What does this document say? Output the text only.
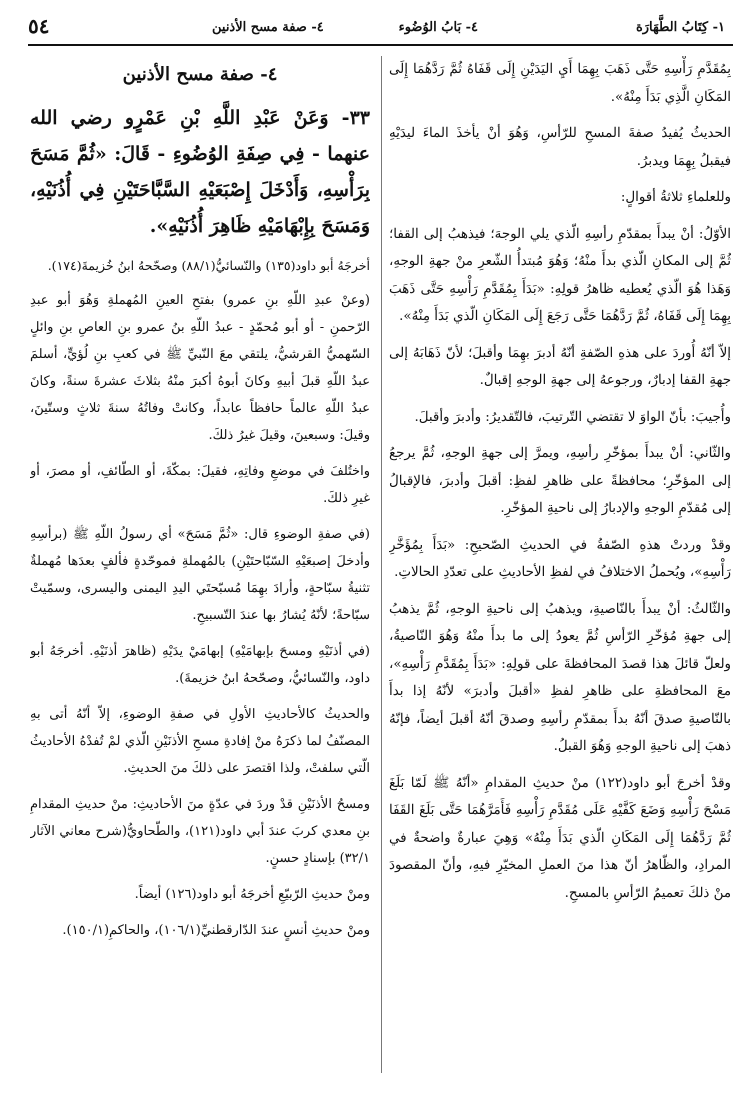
١- كِتَابُ الطَّهَارَة
٤- بَابُ الوُضُوء
٤- صفة مسح الأذنين
٥٤

بِمُقَدَّمِ رَأْسِهِ حَتَّى ذَهَبَ بِهِمَا أَيِ اليَدَيْنِ إِلَى قَفَاهُ ثُمَّ رَدَّهُمَا إِلَى المَكَانِ الَّذِي بَدَأَ مِنْهُ».

الحديثُ يُفيدُ صفةَ المسحِ للرّأسِ، وَهُوَ أنْ يأخذَ الماءَ ليدَيْهِ فيقبلُ بِهِمَا ويدبرُ.

وللعلماءِ ثلاثةُ أقوالٍ:

الأوّلُ: أنْ يبدأَ بمقدّمِ رأسِهِ الّذي يلي الوجهَ؛ فيذهبُ إلى القفا؛ ثُمَّ إلى المكانِ الّذي بدأَ منْهُ؛ وَهُوَ مُبتدأُ الشّعرِ منْ جهةِ الوجهِ، وَهَذا هُوَ الّذي يُعطيه ظاهرُ قولِهِ: «بَدَأَ بِمُقَدَّمِ رَأْسِهِ حَتَّى ذَهَبَ بِهِمَا إِلَى قَفَاهُ، ثُمَّ رَدَّهُمَا حَتَّى رَجَعَ إِلَى المَكَانِ الّذي بَدَأَ مِنْهُ».

إلاّ أنّهُ أُوردَ على هذهِ الصّفةِ أنّهُ أدبرَ بهِمَا وأقبلَ؛ لأنّ ذَهَابَهُ إلى جهةِ القفا إدبارٌ، ورجوعهُ إلى جهةِ الوجهِ إقبالٌ.

وأُجيبَ: بأنّ الواوَ لا تقتضي التّرتيبَ، فالتّقديرُ: وأدبرَ وأقبلَ.

والثّاني: أنْ يبدأَ بمؤخّرِ رأسِهِ، ويمرَّ إلى جهةِ الوجهِ، ثُمَّ يرجعُ إلى المؤخّرِ؛ محافظةً على ظاهرِ لفظِ: أقبلَ وأدبرَ، فالإقبالُ إلى مُقدّمِ الوجهِ والإدبارُ إلى ناحيةِ المؤخّرِ.

وقدْ وردتْ هذهِ الصّفةُ في الحديثِ الصّحيحِ: «بَدَأَ بِمُؤَخَّرِ رَأْسِهِ»، ويُحملُ الاختلافُ في لفظِ الأحاديثِ على تعدّدِ الحالاتِ.

والثّالثُ: أنْ يبدأَ بالنّاصيةِ، ويذهبُ إلى ناحيةِ الوجهِ، ثُمَّ يذهبُ إلى جهةِ مُؤخّرِ الرّأسِ ثُمَّ يعودُ إلى ما بدأَ منْهُ وَهُوَ النّاصيةُ، ولعلّ قائلَ هذا قصدَ المحافظةَ على قولِهِ: «بَدَأَ بِمُقَدَّمِ رَأْسِهِ»، معَ المحافظةِ على ظاهرِ لفظِ «أقبلَ وأدبرَ» لأنّهُ إذا بدأَ بالنّاصيةِ صدقَ أنّهُ بدأَ بمقدّمِ رأسِهِ وصدقَ أنّهُ أقبلَ أيضاً، فإنّهُ ذهبَ إلى ناحيةِ الوجهِ وَهُوَ القبلُ.

وقدْ أخرجَ أبو داود(١٢٢) منْ حديثِ المقدامِ «أنّهُ ﷺ لَمّا بَلَغَ مَسْحَ رَأْسِهِ وَضَعَ كَفَّيْهِ عَلَى مُقَدَّمِ رَأْسِهِ فَأَمَرَّهُمَا حَتَّى بَلَغَ القَفَا ثُمَّ رَدَّهُمَا إِلَى المَكَانِ الّذي بَدَأَ مِنْهُ» وَهِيَ عبارةٌ واضحةٌ في المرادِ، والظّاهرُ أنّ هذا منَ العملِ المخيّرِ فيهِ، وأنّ المقصودَ منْ ذلكَ تعميمُ الرّأسِ بالمسحِ.

٤- صفة مسح الأذنين

٣٣- وَعَنْ عَبْدِ اللَّهِ بْنِ عَمْرٍو رضي الله عنهما - فِي صِفَةِ الوُضُوءِ - قَالَ: «ثُمَّ مَسَحَ بِرَأْسِهِ، وَأَدْخَلَ إِصْبَعَيْهِ السَّبَّاحَتَيْنِ فِي أُذُنَيْهِ، وَمَسَحَ بِإِبْهَامَيْهِ ظَاهِرَ أُذُنَيْهِ».

أخرجَهُ أبو داود(١٣٥) والنّسائيُّ(٨٨/١) وصحّحهُ ابنُ خُزيمةَ(١٧٤).

(وعنْ عبدِ اللّهِ بنِ عمرو) بفتحِ العينِ المُهملةِ وَهُوَ أبو عبدِ الرّحمنِ - أو أبو مُحمّدٍ - عبدُ اللّهِ بنُ عمرو بنِ العاصِ بنِ وائلٍ السّهميُّ القرشيُّ، يلتقي معَ النّبيِّ ﷺ في كعبِ بنِ لُؤيٍّ، أسلمَ عبدُ اللّهِ قبلَ أبيهِ وكانَ أبوهُ أكبرَ منْهُ بثلاثَ عشرةَ سنةً، وكانَ عبدُ اللّهِ عالماً حافظاً عابداً، وكانتْ وفاتُهُ سنةَ ثلاثٍ وستّينَ، وقيلَ: وسبعينَ، وقيلَ غيرُ ذلكَ.

واختُلفَ في موضعِ وفاتِهِ، فقيلَ: بمكّةَ، أو الطّائفِ، أو مصرَ، أو غيرِ ذلكَ.

(في صفةِ الوضوءِ قال: «ثُمَّ مَسَحَ» أي رسولُ اللّهِ ﷺ (برأسِهِ وأدخلَ إصبعَيْهِ السّبّاحتَيْنِ) بالمُهملةِ فموحّدةٍ فألفٍ بعدَها مُهملةٌ تثنيةُ سبّاحةٍ، وأرادَ بهِمَا مُسبّحتَي اليدِ اليمنى واليسرى، وسمّيتْ سبّاحةً؛ لأنّهُ يُشارُ بها عندَ التّسبيحِ.

(في أذنَيْهِ ومسحَ بإبهامَيْهِ) إبهامَيْ يدَيْهِ (ظاهرَ أذنَيْهِ. أخرجَهُ أبو داود، والنّسائيُّ، وصحّحهُ ابنُ خزيمةَ).

والحديثُ كالأحاديثِ الأولِ في صفةِ الوضوءِ، إلاّ أنّهُ أتى بهِ المصنّفُ لما ذكرَهُ منْ إفادةِ مسحِ الأذنَيْنِ الّذي لمْ تُفدْهُ الأحاديثُ الّتي سلفتْ، ولذا اقتصرَ على ذلكَ منَ الحديثِ.

ومسحُ الأذنَيْنِ قدْ وردَ في عدّةٍ منَ الأحاديثِ: منْ حديثِ المقدامِ بنِ معدي كربَ عندَ أبي داود(١٢١)، والطّحاويُّ(شرح معاني الآثار ٣٢/١) بإسنادٍ حسنٍ.

ومنْ حديثِ الرّبيّعِ أخرجَهُ أبو داود(١٢٦) أيضاً.

ومنْ حديثِ أنسٍ عندَ الدّارقطنيِّ(١٠٦/١)، والحاكمِ(١٥٠/١).
